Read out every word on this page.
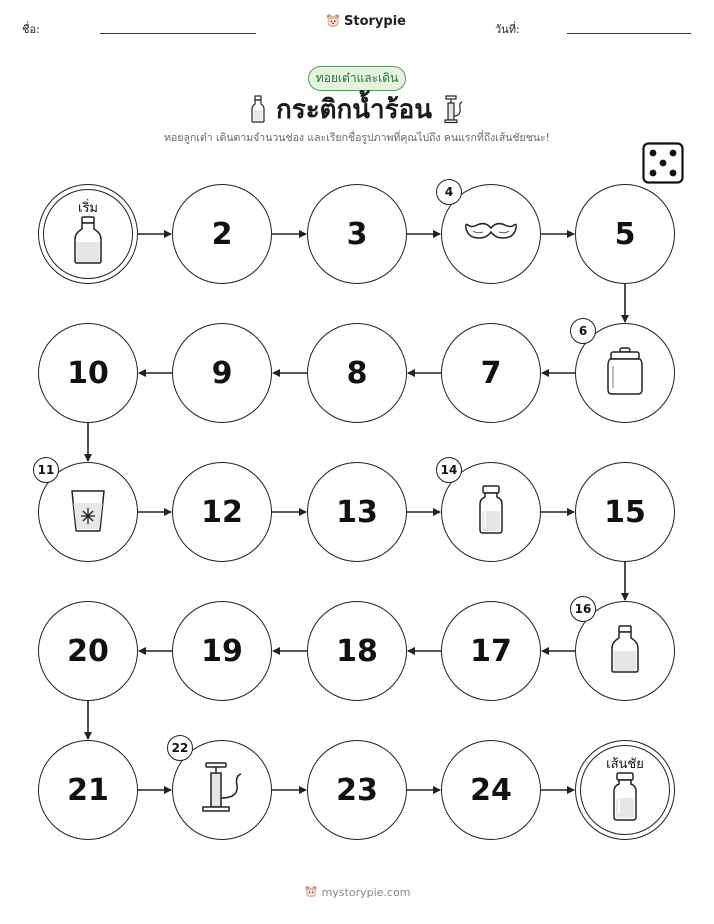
ชื่อ:
Storypie
วันที่:
ทอยเต๋าและเดิน
กระติกน้ำร้อน
ทอยลูกเต๋า เดินตามจำนวนช่อง และเรียกชื่อรูปภาพที่คุณไปถึง คนแรกที่ถึงเส้นชัยชนะ!
เริ่ม
2	3
4
5
6
7
8
9
10
11
12	13
14
15
16
17
18
19
20
21
22
23	24
เส้นชัย
mystorypie.com
